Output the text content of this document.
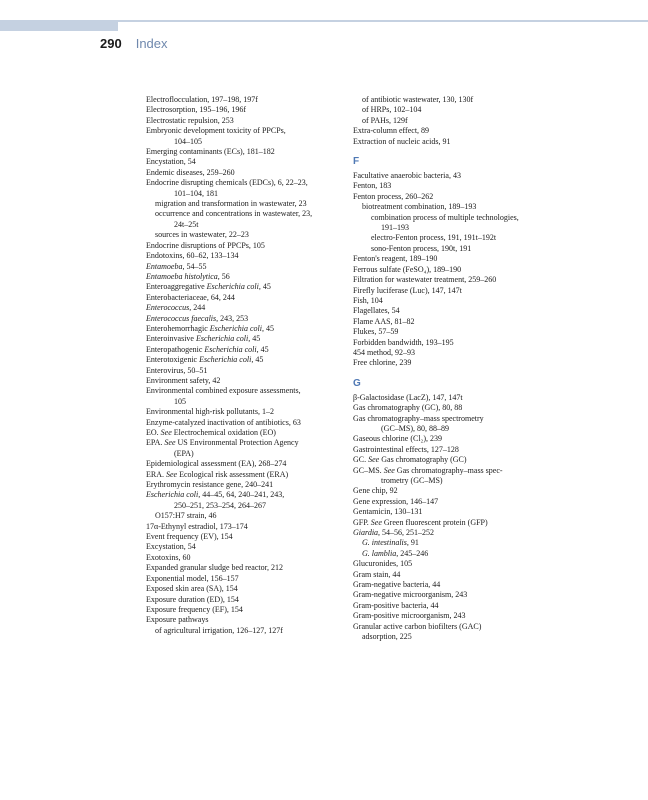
290 Index
Electroflocculation, 197–198, 197f
Electrosorption, 195–196, 196f
Electrostatic repulsion, 253
Embryonic development toxicity of PPCPs,
104–105
Emerging contaminants (ECs), 181–182
Encystation, 54
Endemic diseases, 259–260
Endocrine disrupting chemicals (EDCs), 6, 22–23,
101–104, 181
migration and transformation in wastewater, 23
occurrence and concentrations in wastewater, 23,
24t–25t
sources in wastewater, 22–23
Endocrine disruptions of PPCPs, 105
Endotoxins, 60–62, 133–134
Entamoeba, 54–55
Entamoeba histolytica, 56
Enteroaggregative Escherichia coli, 45
Enterobacteriaceae, 64, 244
Enterococcus, 244
Enterococcus faecalis, 243, 253
Enterohemorrhagic Escherichia coli, 45
Enteroinvasive Escherichia coli, 45
Enteropathogenic Escherichia coli, 45
Enterotoxigenic Escherichia coli, 45
Enterovirus, 50–51
Environment safety, 42
Environmental combined exposure assessments,
105
Environmental high-risk pollutants, 1–2
Enzyme-catalyzed inactivation of antibiotics, 63
EO. See Electrochemical oxidation (EO)
EPA. See US Environmental Protection Agency
(EPA)
Epidemiological assessment (EA), 268–274
ERA. See Ecological risk assessment (ERA)
Erythromycin resistance gene, 240–241
Escherichia coli, 44–45, 64, 240–241, 243,
250–251, 253–254, 264–267
O157:H7 strain, 46
17α-Ethynyl estradiol, 173–174
Event frequency (EV), 154
Excystation, 54
Exotoxins, 60
Expanded granular sludge bed reactor, 212
Exponential model, 156–157
Exposed skin area (SA), 154
Exposure duration (ED), 154
Exposure frequency (EF), 154
Exposure pathways
of agricultural irrigation, 126–127, 127f
of antibiotic wastewater, 130, 130f
of HRPs, 102–104
of PAHs, 129f
Extra-column effect, 89
Extraction of nucleic acids, 91
F
Facultative anaerobic bacteria, 43
Fenton, 183
Fenton process, 260–262
biotreatment combination, 189–193
combination process of multiple technologies,
191–193
electro-Fenton process, 191, 191t–192t
sono-Fenton process, 190t, 191
Fenton's reagent, 189–190
Ferrous sulfate (FeSO₄), 189–190
Filtration for wastewater treatment, 259–260
Firefly luciferase (Luc), 147, 147t
Fish, 104
Flagellates, 54
Flame AAS, 81–82
Flukes, 57–59
Forbidden bandwidth, 193–195
454 method, 92–93
Free chlorine, 239
G
β-Galactosidase (LacZ), 147, 147t
Gas chromatography (GC), 80, 88
Gas chromatography–mass spectrometry
(GC–MS), 80, 88–89
Gaseous chlorine (Cl₂), 239
Gastrointestinal effects, 127–128
GC. See Gas chromatography (GC)
GC–MS. See Gas chromatography–mass spec-
trometry (GC–MS)
Gene chip, 92
Gene expression, 146–147
Gentamicin, 130–131
GFP. See Green fluorescent protein (GFP)
Giardia, 54–56, 251–252
G. intestinalis, 91
G. lamblia, 245–246
Glucuronides, 105
Gram stain, 44
Gram-negative bacteria, 44
Gram-negative microorganism, 243
Gram-positive bacteria, 44
Gram-positive microorganism, 243
Granular active carbon biofilters (GAC)
adsorption, 225
